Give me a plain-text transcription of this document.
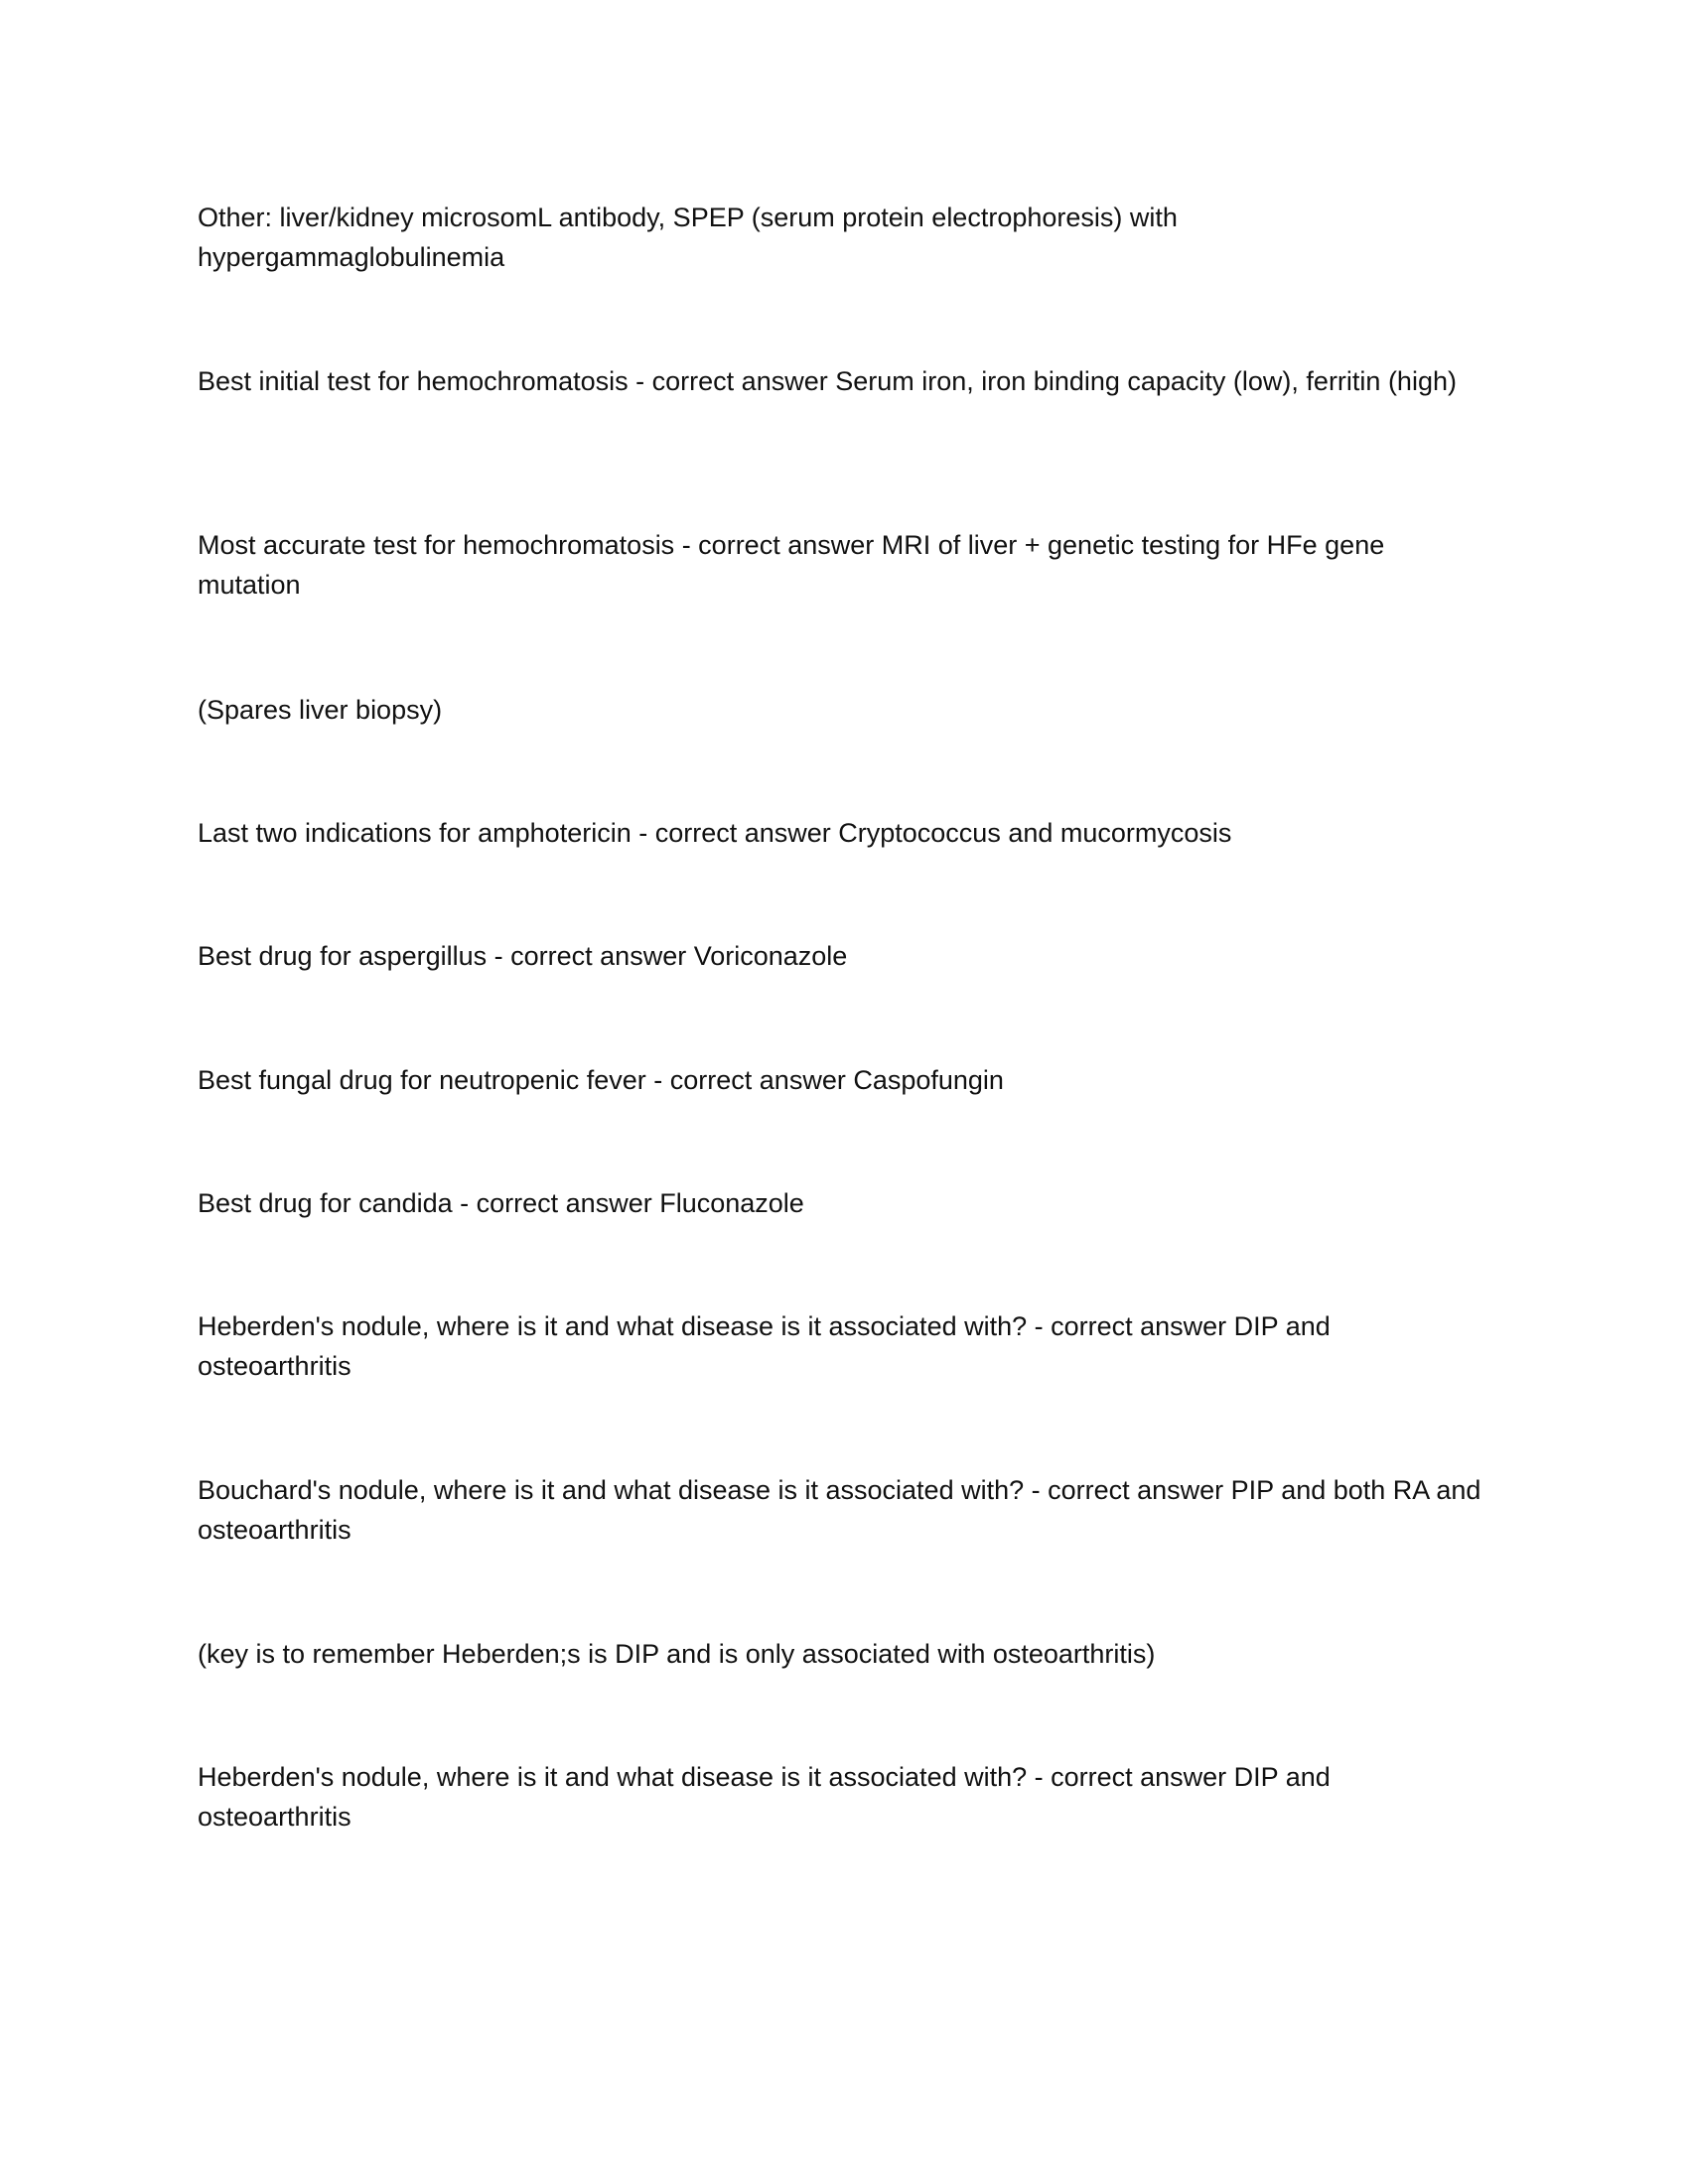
Other: liver/kidney microsomL antibody, SPEP (serum protein electrophoresis) with hypergammaglobulinemia

Best initial test for hemochromatosis - correct answer Serum iron, iron binding capacity (low), ferritin (high)

Most accurate test for hemochromatosis - correct answer MRI of liver + genetic testing for HFe gene mutation

(Spares liver biopsy)

Last two indications for amphotericin - correct answer Cryptococcus and mucormycosis

Best drug for aspergillus - correct answer Voriconazole

Best fungal drug for neutropenic fever - correct answer Caspofungin

Best drug for candida - correct answer Fluconazole

Heberden's nodule, where is it and what disease is it associated with? - correct answer DIP and osteoarthritis

Bouchard's nodule, where is it and what disease is it associated with? - correct answer PIP and both RA and osteoarthritis

(key is to remember Heberden;s is DIP and is only associated with osteoarthritis)

Heberden's nodule, where is it and what disease is it associated with? - correct answer DIP and osteoarthritis
